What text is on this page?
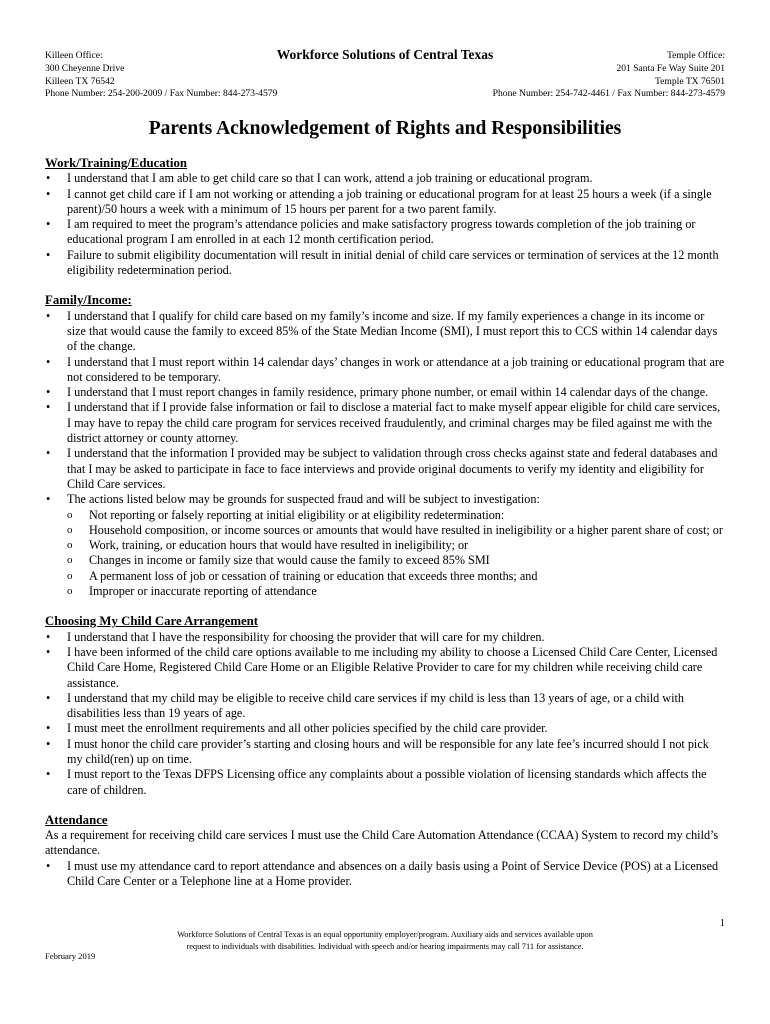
Killeen Office:
300 Cheyenne Drive
Killeen TX 76542
Phone Number: 254-200-2009 / Fax Number: 844-273-4579
Workforce Solutions of Central Texas	Temple Office:
201 Santa Fe Way Suite 201
Temple TX 76501
Phone Number: 254-742-4461 / Fax Number: 844-273-4579
Parents Acknowledgement of Rights and Responsibilities
Work/Training/Education
• I understand that I am able to get child care so that I can work, attend a job training or educational program.
• I cannot get child care if I am not working or attending a job training or educational program for at least 25 hours a week (if a single parent)/50 hours a week with a minimum of 15 hours per parent for a two parent family.
• I am required to meet the program’s attendance policies and make satisfactory progress towards completion of the job training or educational program I am enrolled in at each 12 month certification period.
• Failure to submit eligibility documentation will result in initial denial of child care services or termination of services at the 12 month eligibility redetermination period.
Family/Income:
• I understand that I qualify for child care based on my family’s income and size. If my family experiences a change in its income or size that would cause the family to exceed 85% of the State Median Income (SMI), I must report this to CCS within 14 calendar days of the change.
• I understand that I must report within 14 calendar days’ changes in work or attendance at a job training or educational program that are not considered to be temporary.
• I understand that I must report changes in family residence, primary phone number, or email within 14 calendar days of the change.
• I understand that if I provide false information or fail to disclose a material fact to make myself appear eligible for child care services, I may have to repay the child care program for services received fraudulently, and criminal charges may be filed against me with the district attorney or county attorney.
• I understand that the information I provided may be subject to validation through cross checks against state and federal databases and that I may be asked to participate in face to face interviews and provide original documents to verify my identity and eligibility for Child Care services.
• The actions listed below may be grounds for suspected fraud and will be subject to investigation:
o Not reporting or falsely reporting at initial eligibility or at eligibility redetermination:
o Household composition, or income sources or amounts that would have resulted in ineligibility or a higher parent share of cost; or
o Work, training, or education hours that would have resulted in ineligibility; or
o Changes in income or family size that would cause the family to exceed 85% SMI
o A permanent loss of job or cessation of training or education that exceeds three months; and
o Improper or inaccurate reporting of attendance
Choosing My Child Care Arrangement
• I understand that I have the responsibility for choosing the provider that will care for my children.
• I have been informed of the child care options available to me including my ability to choose a Licensed Child Care Center, Licensed Child Care Home, Registered Child Care Home or an Eligible Relative Provider to care for my children while receiving child care assistance.
• I understand that my child may be eligible to receive child care services if my child is less than 13 years of age, or a child with disabilities less than 19 years of age.
• I must meet the enrollment requirements and all other policies specified by the child care provider.
• I must honor the child care provider’s starting and closing hours and will be responsible for any late fee’s incurred should I not pick my child(ren) up on time.
• I must report to the Texas DFPS Licensing office any complaints about a possible violation of licensing standards which affects the care of children.
Attendance

As a requirement for receiving child care services I must use the Child Care Automation Attendance (CCAA) System to record my child’s attendance.

• I must use my attendance card to report attendance and absences on a daily basis using a Point of Service Device (POS) at a Licensed Child Care Center or a Telephone line at a Home provider.
1
Workforce Solutions of Central Texas is an equal opportunity employer/program. Auxiliary aids and services available upon
request to individuals with disabilities. Individual with speech and/or hearing impairments may call 711 for assistance.
February 2019
